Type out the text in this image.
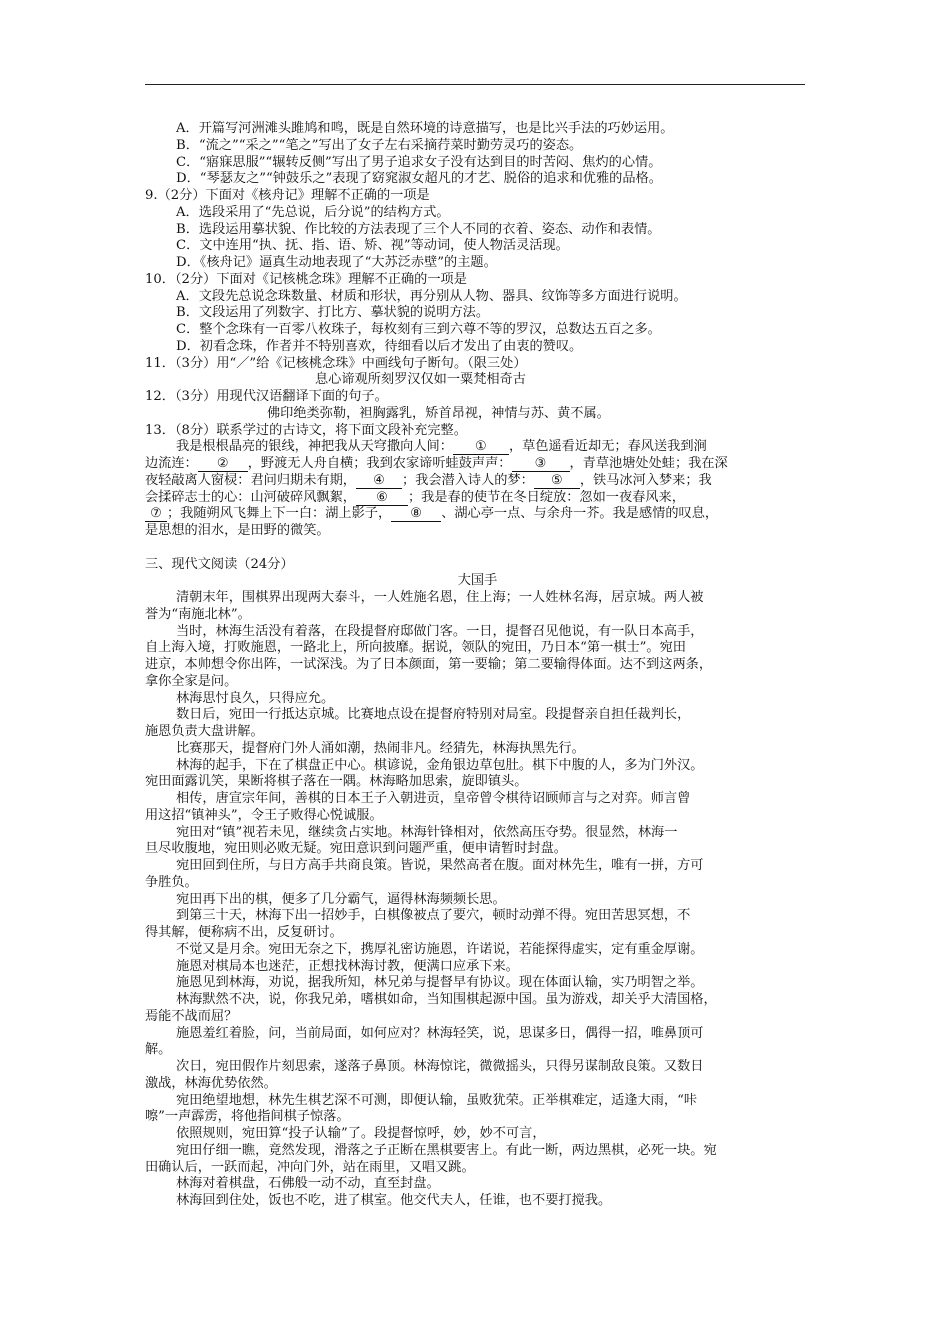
A．开篇写河洲滩头雎鸠和鸣，既是自然环境的诗意描写，也是比兴手法的巧妙运用。
B．“流之”“采之”“笔之”写出了女子左右采摘荇菜时勤劳灵巧的姿态。
C．“寤寐思服”“辗转反侧”写出了男子追求女子没有达到目的时苦闷、焦灼的心情。
D．“琴瑟友之”“钟鼓乐之”表现了窈窕淑女超凡的才艺、脱俗的追求和优雅的品格。
9.（2分）下面对《核舟记》理解不正确的一项是
A．选段采用了“先总说，后分说”的结构方式。
B．选段运用摹状貌、作比较的方法表现了三个人不同的衣着、姿态、动作和表情。
C．文中连用“执、抚、指、语、矫、视”等动词，使人物活灵活现。
D．《核舟记》逼真生动地表现了“大苏泛赤壁”的主题。
10．（2分）下面对《记核桃念珠》理解不正确的一项是
A．文段先总说念珠数量、材质和形状，再分别从人物、器具、纹饰等多方面进行说明。
B．文段运用了列数字、打比方、摹状貌的说明方法。
C．整个念珠有一百零八枚珠子，每枚刻有三到六尊不等的罗汉，总数达五百之多。
D．初看念珠，作者并不特别喜欢，待细看以后才发出了由衷的赞叹。
11．（3分）用“／”给《记核桃念珠》中画线句子断句。（限三处）
息心谛观所刻罗汉仅如一粟梵相奇古
12．（3分）用现代汉语翻译下面的句子。
佛印绝类弥勒，袒胸露乳，矫首昂视，神情与苏、黄不属。
13．（8分）联系学过的古诗文，将下面文段补充完整。
我是根根晶亮的银线，神把我从天穹撒向人间： ① ，草色遥看近却无；春风送我到涧
边流连： ② ，野渡无人舟自横；我到农家谛听蛙鼓声声： ③ ，青草池塘处处蛙；我在深
夜轻敲离人窗棂：君问归期未有期， ④ ；我会潜入诗人的梦： ⑤ ，铁马冰河入梦来；我
会揉碎志士的心：山河破碎风飘絮， ⑥ ；我是春的使节在冬日绽放：忽如一夜春风来，
⑦ ；我随朔风飞舞上下一白：湖上影子， ⑧ 、湖心亭一点、与余舟一芥。我是感情的叹息，
是思想的泪水，是田野的微笑。
三、现代文阅读（24分）
大国手
清朝末年，围棋界出现两大泰斗，一人姓施名恩，住上海；一人姓林名海，居京城。两人被
誉为“南施北林”。
当时，林海生活没有着落，在段提督府邸做门客。一日，提督召见他说，有一队日本高手，
自上海入境，打败施恩，一路北上，所向披靡。据说，领队的宛田，乃日本“第一棋士”。宛田
进京，本帅想令你出阵，一试深浅。为了日本颜面，第一要输；第二要输得体面。达不到这两条，
拿你全家是问。
林海思忖良久，只得应允。
数日后，宛田一行抵达京城。比赛地点设在提督府特别对局室。段提督亲自担任裁判长，
施恩负责大盘讲解。
比赛那天，提督府门外人涌如潮，热闹非凡。经猜先，林海执黑先行。
林海的起手，下在了棋盘正中心。棋谚说，金角银边草包肚。棋下中腹的人，多为门外汉。
宛田面露讥笑，果断将棋子落在一隅。林海略加思索，旋即镇头。
相传，唐宣宗年间，善棋的日本王子入朝进贡，皇帝曾令棋待诏顾师言与之对弈。师言曾
用这招“镇神头”，令王子败得心悦诚服。
宛田对“镇”视若未见，继续贪占实地。林海针锋相对，依然高压夺势。很显然，林海一
旦尽收腹地，宛田则必败无疑。宛田意识到问题严重，便申请暂时封盘。
宛田回到住所，与日方高手共商良策。皆说，果然高者在腹。面对林先生，唯有一拼，方可
争胜负。
宛田再下出的棋，便多了几分霸气，逼得林海频频长思。
到第三十天，林海下出一招妙手，白棋像被点了要穴，顿时动弹不得。宛田苦思冥想，不
得其解，便称病不出，反复研讨。
不觉又是月余。宛田无奈之下，携厚礼密访施恩，许诺说，若能探得虚实，定有重金厚谢。
施恩对棋局本也迷茫，正想找林海讨教，便满口应承下来。
施恩见到林海，劝说，据我所知，林兄弟与提督早有协议。现在体面认输，实乃明智之举。
林海默然不决，说，你我兄弟，嗜棋如命，当知围棋起源中国。虽为游戏，却关乎大清国格，
焉能不战而屈？
施恩羞红着脸，问，当前局面，如何应对？林海轻笑，说，思谋多日，偶得一招，唯鼻顶可
解。
次日，宛田假作片刻思索，遂落子鼻顶。林海惊诧，微微摇头，只得另谋制敌良策。又数日
激战，林海优势依然。
宛田绝望地想，林先生棋艺深不可测，即便认输，虽败犹荣。正举棋难定，适逢大雨，“咔
嚓”一声霹雳，将他指间棋子惊落。
依照规则，宛田算“投子认输”了。段提督惊呼，妙，妙不可言，
宛田仔细一瞧，竟然发现，滑落之子正断在黑棋要害上。有此一断，两边黑棋，必死一块。宛
田确认后，一跃而起，冲向门外，站在雨里，又唱又跳。
林海对着棋盘，石佛般一动不动，直至封盘。
林海回到住处，饭也不吃，进了棋室。他交代夫人，任谁，也不要打搅我。
